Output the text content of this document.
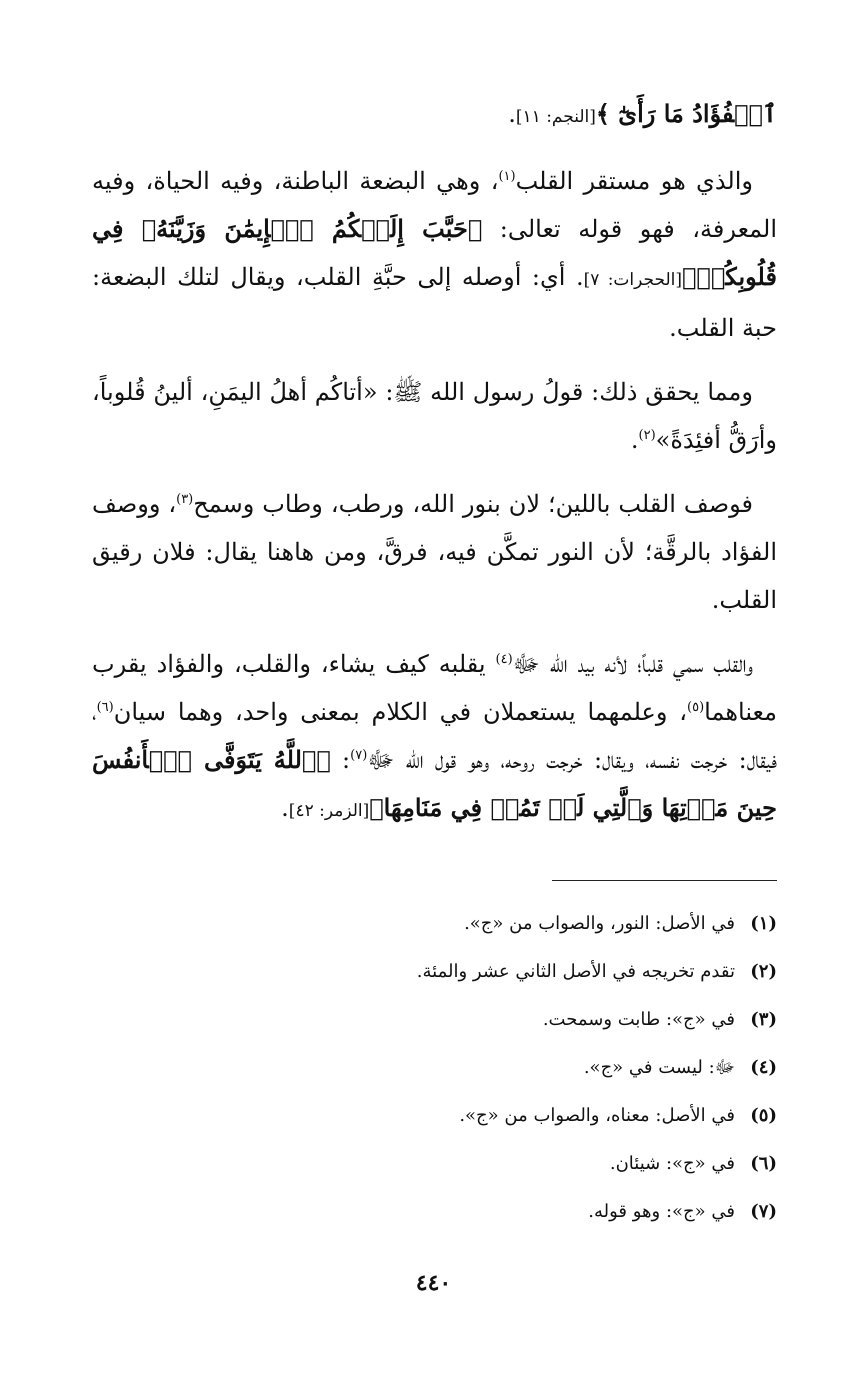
ٱلۡفُؤَادُ مَا رَأَىٰٓ ﴾[النجم: ١١].

والذي هو مستقر القلب$^{(١)}$، وهي البضعة الباطنة، وفيه الحياة، وفيه المعرفة، فهو قوله تعالى: ﴿حَبَّبَ إِلَيۡكُمُ ٱلۡإِيمَٰنَ وَزَيَّنَهُۥ فِي قُلُوبِكُمۡ﴾[الحجرات: ٧]. أي: أوصله إلى حبَّةِ القلب، ويقال لتلك البضعة: حبة القلب.

ومما يحقق ذلك: قولُ رسول الله ﷺ: «أتاكُم أهلُ اليمَنِ، ألينُ قُلوباً، وأرَقُّ أفئِدَةً»$^{(٢)}$.

فوصف القلب باللين؛ لان بنور الله، ورطب، وطاب وسمح$^{(٣)}$، ووصف الفؤاد بالرقَّة؛ لأن النور تمكَّن فيه، فرقَّ، ومن هاهنا يقال: فلان رقيق القلب.

والقلب سمي قلباً؛ لأنه بيد الله ﷻ$^{(٤)}$ يقلبه كيف يشاء، والقلب، والفؤاد يقرب معناهما$^{(٥)}$، وعلمهما يستعملان في الكلام بمعنى واحد، وهما سيان$^{(٦)}$، فيقال: خرجت نفسه، ويقال: خرجت روحه، وهو قول الله ﷻ$^{(٧)}$: ﴿ٱللَّهُ يَتَوَفَّى ٱلۡأَنفُسَ حِينَ مَوۡتِهَا وَٱلَّتِي لَمۡ تَمُتۡ فِي مَنَامِهَا﴾[الزمر: ٤٢].

(١)في الأصل: النور، والصواب من «ج».
(٢)تقدم تخريجه في الأصل الثاني عشر والمئة.
(٣)في «ج»: طابت وسمحت.
(٤)ﷻ: ليست في «ج».
(٥)في الأصل: معناه، والصواب من «ج».
(٦)في «ج»: شيئان.
(٧)في «ج»: وهو قوله.
٤٤٠
